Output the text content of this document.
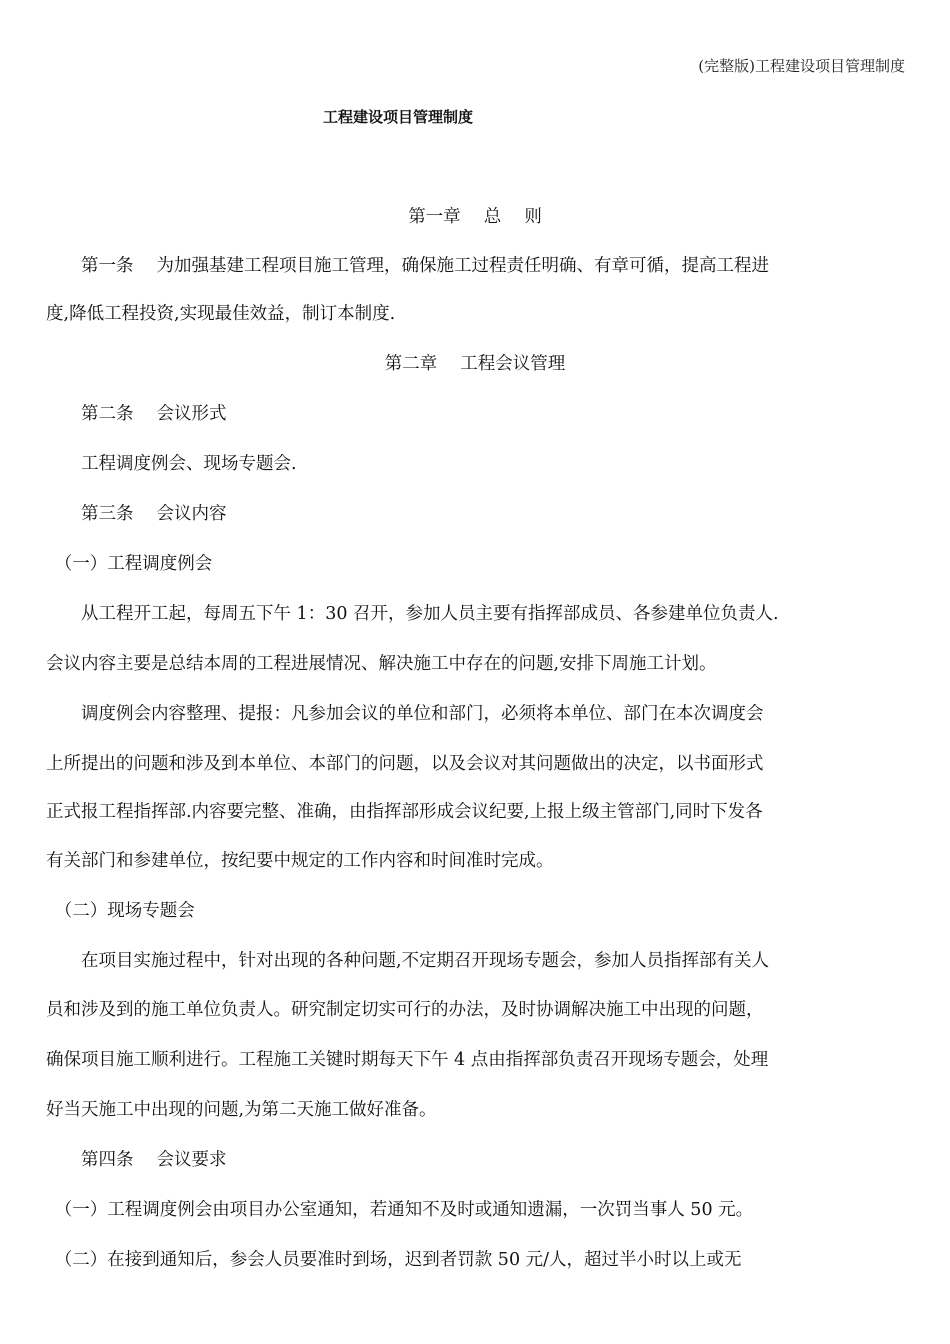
(完整版)工程建设项目管理制度
工程建设项目管理制度

第一章　 总　 则

　　第一条　 为加强基建工程项目施工管理，确保施工过程责任明确、有章可循，提高工程进

度,降低工程投资,实现最佳效益，制订本制度.

第二章　 工程会议管理

　　第二条　 会议形式

　　工程调度例会、现场专题会.

　　第三条　 会议内容

　（一）工程调度例会

　　从工程开工起，每周五下午 1：30 召开，参加人员主要有指挥部成员、各参建单位负责人.

会议内容主要是总结本周的工程进展情况、解决施工中存在的问题,安排下周施工计划。

　　调度例会内容整理、提报：凡参加会议的单位和部门，必须将本单位、部门在本次调度会

上所提出的问题和涉及到本单位、本部门的问题，以及会议对其问题做出的决定，以书面形式

正式报工程指挥部.内容要完整、准确，由指挥部形成会议纪要,上报上级主管部门,同时下发各

有关部门和参建单位，按纪要中规定的工作内容和时间准时完成。

　（二）现场专题会

　　在项目实施过程中，针对出现的各种问题,不定期召开现场专题会，参加人员指挥部有关人

员和涉及到的施工单位负责人。研究制定切实可行的办法，及时协调解决施工中出现的问题，

确保项目施工顺利进行。工程施工关键时期每天下午 4 点由指挥部负责召开现场专题会，处理

好当天施工中出现的问题,为第二天施工做好准备。

　　第四条　 会议要求

　（一）工程调度例会由项目办公室通知，若通知不及时或通知遗漏，一次罚当事人 50 元。

　（二）在接到通知后，参会人员要准时到场，迟到者罚款 50 元/人，超过半小时以上或无
